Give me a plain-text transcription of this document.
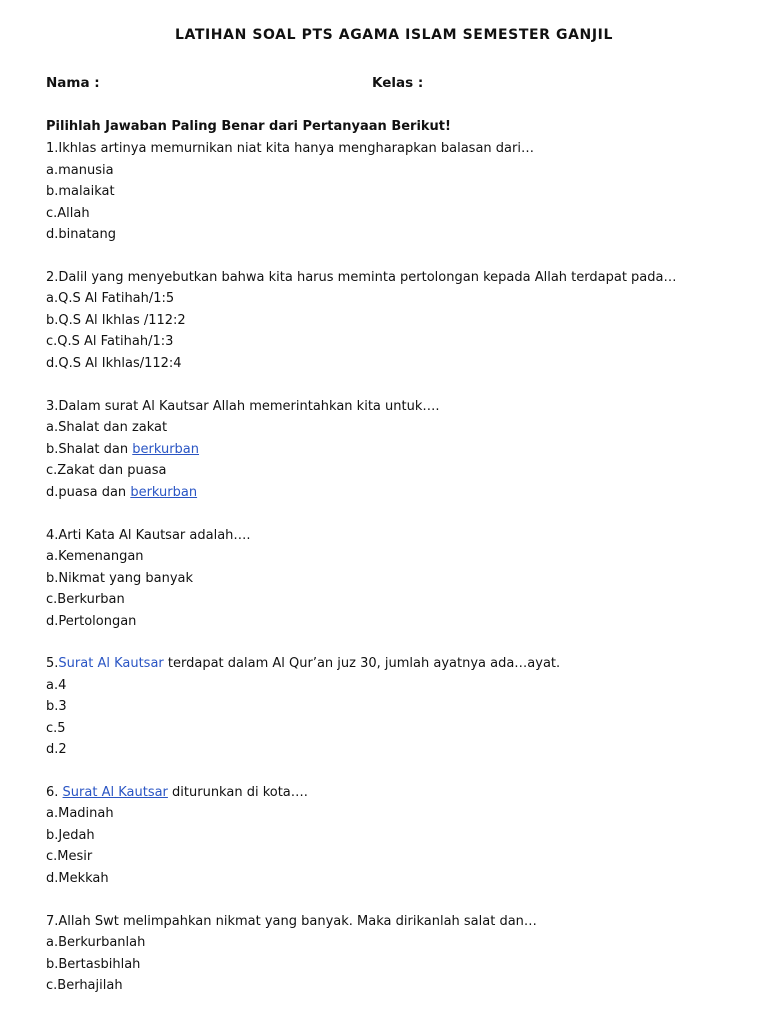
LATIHAN SOAL PTS AGAMA ISLAM SEMESTER GANJIL
Nama :	Kelas :
Pilihlah Jawaban Paling Benar dari Pertanyaan Berikut!
1.Ikhlas artinya memurnikan niat kita hanya mengharapkan balasan dari…
a.manusia
b.malaikat
c.Allah
d.binatang
2.Dalil yang menyebutkan bahwa kita harus meminta pertolongan kepada Allah terdapat pada…
a.Q.S Al Fatihah/1:5
b.Q.S Al Ikhlas /112:2
c.Q.S Al Fatihah/1:3
d.Q.S Al Ikhlas/112:4
3.Dalam surat Al Kautsar Allah memerintahkan kita untuk….
a.Shalat dan zakat
b.Shalat dan berkurban
c.Zakat dan puasa
d.puasa dan berkurban
4.Arti Kata Al Kautsar adalah….
a.Kemenangan
b.Nikmat yang banyak
c.Berkurban
d.Pertolongan
5.Surat Al Kautsar terdapat dalam Al Qur’an juz 30, jumlah ayatnya ada…ayat.
a.4
b.3
c.5
d.2
6. Surat Al Kautsar diturunkan di kota….
a.Madinah
b.Jedah
c.Mesir
d.Mekkah
7.Allah Swt melimpahkan nikmat yang banyak. Maka dirikanlah salat dan…
a.Berkurbanlah
b.Bertasbihlah
c.Berhajilah
